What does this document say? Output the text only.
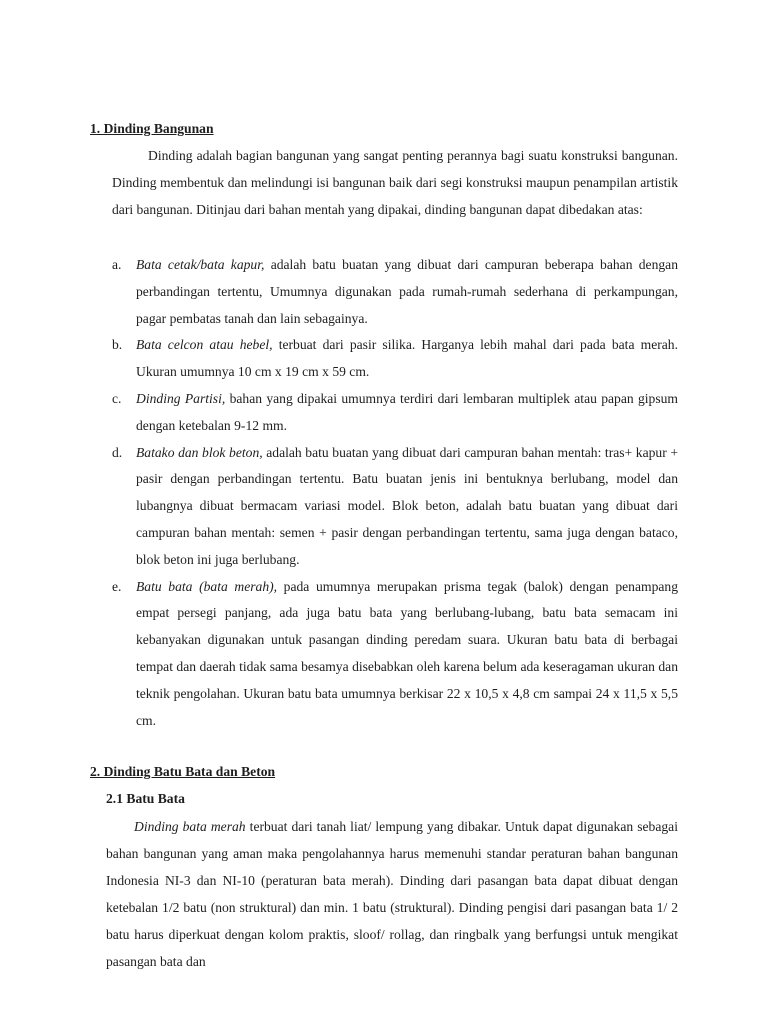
1. Dinding Bangunan

Dinding adalah bagian bangunan yang sangat penting perannya bagi suatu konstruksi bangunan. Dinding membentuk dan melindungi isi bangunan baik dari segi konstruksi maupun penampilan artistik dari bangunan. Ditinjau dari bahan mentah yang dipakai, dinding bangunan dapat dibedakan atas:

a. Bata cetak/bata kapur, adalah batu buatan yang dibuat dari campuran beberapa bahan dengan perbandingan tertentu, Umumnya digunakan pada rumah-rumah sederhana di perkampungan, pagar pembatas tanah dan lain sebagainya.
b. Bata celcon atau hebel, terbuat dari pasir silika. Harganya lebih mahal dari pada bata merah. Ukuran umumnya 10 cm x 19 cm x 59 cm.
c. Dinding Partisi, bahan yang dipakai umumnya terdiri dari lembaran multiplek atau papan gipsum dengan ketebalan 9-12 mm.
d. Batako dan blok beton, adalah batu buatan yang dibuat dari campuran bahan mentah: tras+ kapur + pasir dengan perbandingan tertentu. Batu buatan jenis ini bentuknya berlubang, model dan lubangnya dibuat bermacam variasi model. Blok beton, adalah batu buatan yang dibuat dari campuran bahan mentah: semen + pasir dengan perbandingan tertentu, sama juga dengan bataco, blok beton ini juga berlubang.
e. Batu bata (bata merah), pada umumnya merupakan prisma tegak (balok) dengan penampang empat persegi panjang, ada juga batu bata yang berlubang-lubang, batu bata semacam ini kebanyakan digunakan untuk pasangan dinding peredam suara. Ukuran batu bata di berbagai tempat dan daerah tidak sama besamya disebabkan oleh karena belum ada keseragaman ukuran dan teknik pengolahan. Ukuran batu bata umumnya berkisar 22 x 10,5 x 4,8 cm sampai 24 x 11,5 x 5,5 cm.
2. Dinding Batu Bata dan Beton
2.1 Batu Bata

Dinding bata merah terbuat dari tanah liat/ lempung yang dibakar. Untuk dapat digunakan sebagai bahan bangunan yang aman maka pengolahannya harus memenuhi standar peraturan bahan bangunan Indonesia NI-3 dan NI-10 (peraturan bata merah). Dinding dari pasangan bata dapat dibuat dengan ketebalan 1/2 batu (non struktural) dan min. 1 batu (struktural). Dinding pengisi dari pasangan bata 1/ 2 batu harus diperkuat dengan kolom praktis, sloof/ rollag, dan ringbalk yang berfungsi untuk mengikat pasangan bata dan
